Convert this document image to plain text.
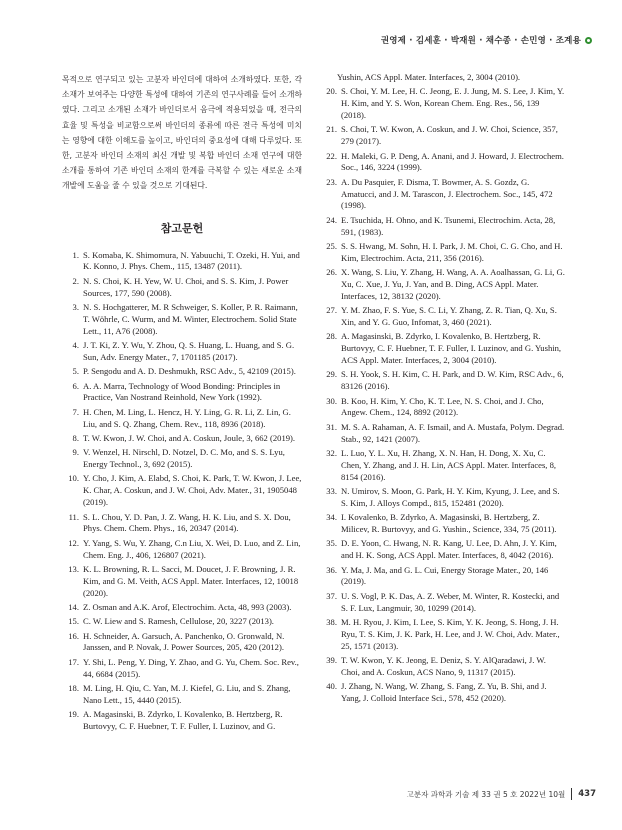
권영제 · 김세훈 · 박재원 · 채수종 · 손민영 · 조계용

목적으로 연구되고 있는 고분자 바인더에 대하여 소개하였다. 또한, 각 소재가 보여주는 다양한 특성에 대하여 기존의 연구사례를 들어 소개하였다. 그리고 소개된 소재가 바인더로서 음극에 적용되었을 때, 전극의 효율 및 특성을 비교함으로써 바인더의 종류에 따른 전극 특성에 미치는 영향에 대한 이해도를 높이고, 바인더의 중요성에 대해 다루었다. 또한, 고분자 바인더 소재의 최신 개발 및 복합 바인더 소재 연구에 대한 소개를 통하여 기존 바인더 소재의 한계를 극복할 수 있는 새로운 소재 개발에 도움을 줄 수 있을 것으로 기대된다.

참고문헌
1. S. Komaba, K. Shimomura, N. Yabuuchi, T. Ozeki, H. Yui, and K. Konno, J. Phys. Chem., 115, 13487 (2011).
2. N. S. Choi, K. H. Yew, W. U. Choi, and S. S. Kim, J. Power Sources, 177, 590 (2008).
3. N. S. Hochgatterer, M. R Schweiger, S. Koller, P. R. Raimann, T. Wöhrle, C. Wurm, and M. Winter, Electrochem. Solid State Lett., 11, A76 (2008).
4. J. T. Ki, Z. Y. Wu, Y. Zhou, Q. S. Huang, L. Huang, and S. G. Sun, Adv. Energy Mater., 7, 1701185 (2017).
5. P. Sengodu and A. D. Deshmukh, RSC Adv., 5, 42109 (2015).
6. A. A. Marra, Technology of Wood Bonding: Principles in Practice, Van Nostrand Reinhold, New York (1992).
7. H. Chen, M. Ling, L. Hencz, H. Y. Ling, G. R. Li, Z. Lin, G. Liu, and S. Q. Zhang, Chem. Rev., 118, 8936 (2018).
8. T. W. Kwon, J. W. Choi, and A. Coskun, Joule, 3, 662 (2019).
9. V. Wenzel, H. Nirschl, D. Notzel, D. C. Mo, and S. S. Lyu, Energy Technol., 3, 692 (2015).
10. Y. Cho, J. Kim, A. Elabd, S. Choi, K. Park, T. W. Kwon, J. Lee, K. Char, A. Coskun, and J. W. Choi, Adv. Mater., 31, 1905048 (2019).
11. S. L. Chou, Y. D. Pan, J. Z. Wang, H. K. Liu, and S. X. Dou, Phys. Chem. Chem. Phys., 16, 20347 (2014).
12. Y. Yang, S. Wu, Y. Zhang, C.n Liu, X. Wei, D. Luo, and Z. Lin, Chem. Eng. J., 406, 126807 (2021).
13. K. L. Browning, R. L. Sacci, M. Doucet, J. F. Browning, J. R. Kim, and G. M. Veith, ACS Appl. Mater. Interfaces, 12, 10018 (2020).
14. Z. Osman and A.K. Arof, Electrochim. Acta, 48, 993 (2003).
15. C. W. Liew and S. Ramesh, Cellulose, 20, 3227 (2013).
16. H. Schneider, A. Garsuch, A. Panchenko, O. Gronwald, N. Janssen, and P. Novak, J. Power Sources, 205, 420 (2012).
17. Y. Shi, L. Peng, Y. Ding, Y. Zhao, and G. Yu, Chem. Soc. Rev., 44, 6684 (2015).
18. M. Ling, H. Qiu, C. Yan, M. J. Kiefel, G. Liu, and S. Zhang, Nano Lett., 15, 4440 (2015).
19. A. Magasinski, B. Zdyrko, I. Kovalenko, B. Hertzberg, R. Burtovyy, C. F. Huebner, T. F. Fuller, I. Luzinov, and G.
Yushin, ACS Appl. Mater. Interfaces, 2, 3004 (2010).
20. S. Choi, Y. M. Lee, H. C. Jeong, E. J. Jung, M. S. Lee, J. Kim, Y. H. Kim, and Y. S. Won, Korean Chem. Eng. Res., 56, 139 (2018).
21. S. Choi, T. W. Kwon, A. Coskun, and J. W. Choi, Science, 357, 279 (2017).
22. H. Maleki, G. P. Deng, A. Anani, and J. Howard, J. Electrochem. Soc., 146, 3224 (1999).
23. A. Du Pasquier, F. Disma, T. Bowmer, A. S. Gozdz, G. Amatucci, and J. M. Tarascon, J. Electrochem. Soc., 145, 472 (1998).
24. E. Tsuchida, H. Ohno, and K. Tsunemi, Electrochim. Acta, 28, 591, (1983).
25. S. S. Hwang, M. Sohn, H. I. Park, J. M. Choi, C. G. Cho, and H. Kim, Electrochim. Acta, 211, 356 (2016).
26. X. Wang, S. Liu, Y. Zhang, H. Wang, A. A. Aoalhassan, G. Li, G. Xu, C. Xue, J. Yu, J. Yan, and B. Ding, ACS Appl. Mater. Interfaces, 12, 38132 (2020).
27. Y. M. Zhao, F. S. Yue, S. C. Li, Y. Zhang, Z. R. Tian, Q. Xu, S. Xin, and Y. G. Guo, Infomat, 3, 460 (2021).
28. A. Magasinski, B. Zdyrko, I. Kovalenko, B. Hertzberg, R. Burtovyy, C. F. Huebner, T. F. Fuller, I. Luzinov, and G. Yushin, ACS Appl. Mater. Interfaces, 2, 3004 (2010).
29. S. H. Yook, S. H. Kim, C. H. Park, and D. W. Kim, RSC Adv., 6, 83126 (2016).
30. B. Koo, H. Kim, Y. Cho, K. T. Lee, N. S. Choi, and J. Cho, Angew. Chem., 124, 8892 (2012).
31. M. S. A. Rahaman, A. F. Ismail, and A. Mustafa, Polym. Degrad. Stab., 92, 1421 (2007).
32. L. Luo, Y. L. Xu, H. Zhang, X. N. Han, H. Dong, X. Xu, C. Chen, Y. Zhang, and J. H. Lin, ACS Appl. Mater. Interfaces, 8, 8154 (2016).
33. N. Umirov, S. Moon, G. Park, H. Y. Kim, Kyung, J. Lee, and S. S. Kim, J. Alloys Compd., 815, 152481 (2020).
34. I. Kovalenko, B. Zdyrko, A. Magasinski, B. Hertzberg, Z. Milicev, R. Burtovyy, and G. Yushin., Science, 334, 75 (2011).
35. D. E. Yoon, C. Hwang, N. R. Kang, U. Lee, D. Ahn, J. Y. Kim, and H. K. Song, ACS Appl. Mater. Interfaces, 8, 4042 (2016).
36. Y. Ma, J. Ma, and G. L. Cui, Energy Storage Mater., 20, 146 (2019).
37. U. S. Vogl, P. K. Das, A. Z. Weber, M. Winter, R. Kostecki, and S. F. Lux, Langmuir, 30, 10299 (2014).
38. M. H. Ryou, J. Kim, I. Lee, S. Kim, Y. K. Jeong, S. Hong, J. H. Ryu, T. S. Kim, J. K. Park, H. Lee, and J. W. Choi, Adv. Mater., 25, 1571 (2013).
39. T. W. Kwon, Y. K. Jeong, E. Deniz, S. Y. AlQaradawi, J. W. Choi, and A. Coskun, ACS Nano, 9, 11317 (2015).
40. J. Zhang, N. Wang, W. Zhang, S. Fang, Z. Yu, B. Shi, and J. Yang, J. Colloid Interface Sci., 578, 452 (2020).
고분자 과학과 기술 제 33 권 5 호 2022년 10월 437
